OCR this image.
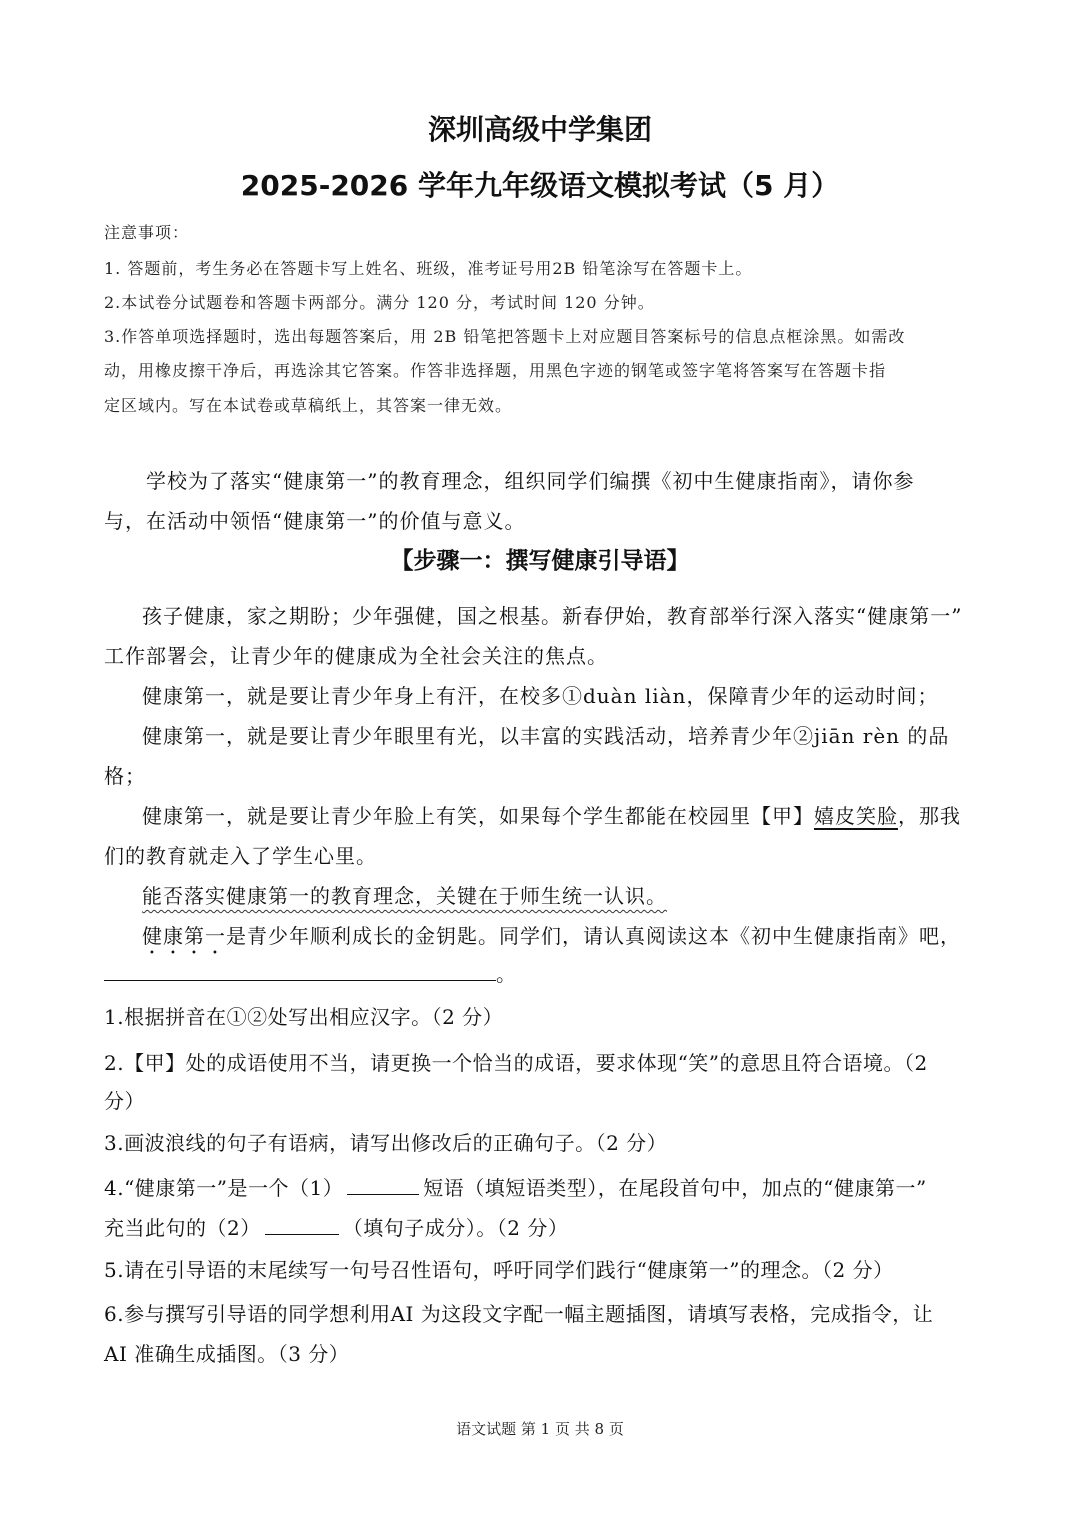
深圳高级中学集团
2025-2026 学年九年级语文模拟考试（5 月）
注意事项：
1. 答题前，考生务必在答题卡写上姓名、班级，准考证号用2B 铅笔涂写在答题卡上。
2.本试卷分试题卷和答题卡两部分。满分 120 分，考试时间 120 分钟。
3.作答单项选择题时，选出每题答案后，用 2B 铅笔把答题卡上对应题目答案标号的信息点框涂黑。如需改
动，用橡皮擦干净后，再选涂其它答案。作答非选择题，用黑色字迹的钢笔或签字笔将答案写在答题卡指
定区域内。写在本试卷或草稿纸上，其答案一律无效。
学校为了落实“健康第一”的教育理念，组织同学们编撰《初中生健康指南》，请你参
与，在活动中领悟“健康第一”的价值与意义。
【步骤一：撰写健康引导语】
孩子健康，家之期盼；少年强健，国之根基。新春伊始，教育部举行深入落实“健康第一”
工作部署会，让青少年的健康成为全社会关注的焦点。
健康第一，就是要让青少年身上有汗，在校多①duàn liàn，保障青少年的运动时间；
健康第一，就是要让青少年眼里有光，以丰富的实践活动，培养青少年②jiān rèn 的品
格；
健康第一，就是要让青少年脸上有笑，如果每个学生都能在校园里【甲】嬉皮笑脸，那我
们的教育就走入了学生心里。
能否落实健康第一的教育理念，关键在于师生统一认识。
健康第一是青少年顺利成长的金钥匙。同学们，请认真阅读这本《初中生健康指南》吧，
。
1.根据拼音在①②处写出相应汉字。（2 分）
2.【甲】处的成语使用不当，请更换一个恰当的成语，要求体现“笑”的意思且符合语境。（2
分）
3.画波浪线的句子有语病，请写出修改后的正确句子。（2 分）
4.“健康第一”是一个（1）	短语（填短语类型），在尾段首句中，加点的“健康第一”
充当此句的（2）	（填句子成分）。（2 分）
5.请在引导语的末尾续写一句号召性语句，呼吁同学们践行“健康第一”的理念。（2 分）
6.参与撰写引导语的同学想利用AI 为这段文字配一幅主题插图，请填写表格，完成指令，让
AI 准确生成插图。（3 分）
语文试题 第 1 页 共 8 页
